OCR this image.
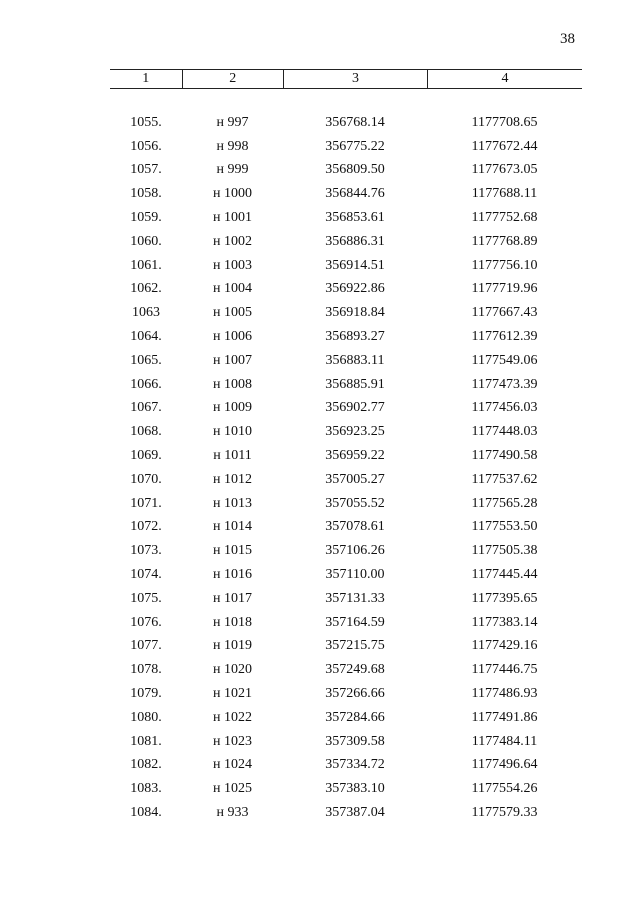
38
1	2	3	4
1055.	н 997	356768.14	1177708.65
1056.	н 998	356775.22	1177672.44
1057.	н 999	356809.50	1177673.05
1058.	н 1000	356844.76	1177688.11
1059.	н 1001	356853.61	1177752.68
1060.	н 1002	356886.31	1177768.89
1061.	н 1003	356914.51	1177756.10
1062.	н 1004	356922.86	1177719.96
1063	н 1005	356918.84	1177667.43
1064.	н 1006	356893.27	1177612.39
1065.	н 1007	356883.11	1177549.06
1066.	н 1008	356885.91	1177473.39
1067.	н 1009	356902.77	1177456.03
1068.	н 1010	356923.25	1177448.03
1069.	н 1011	356959.22	1177490.58
1070.	н 1012	357005.27	1177537.62
1071.	н 1013	357055.52	1177565.28
1072.	н 1014	357078.61	1177553.50
1073.	н 1015	357106.26	1177505.38
1074.	н 1016	357110.00	1177445.44
1075.	н 1017	357131.33	1177395.65
1076.	н 1018	357164.59	1177383.14
1077.	н 1019	357215.75	1177429.16
1078.	н 1020	357249.68	1177446.75
1079.	н 1021	357266.66	1177486.93
1080.	н 1022	357284.66	1177491.86
1081.	н 1023	357309.58	1177484.11
1082.	н 1024	357334.72	1177496.64
1083.	н 1025	357383.10	1177554.26
1084.	н 933	357387.04	1177579.33
